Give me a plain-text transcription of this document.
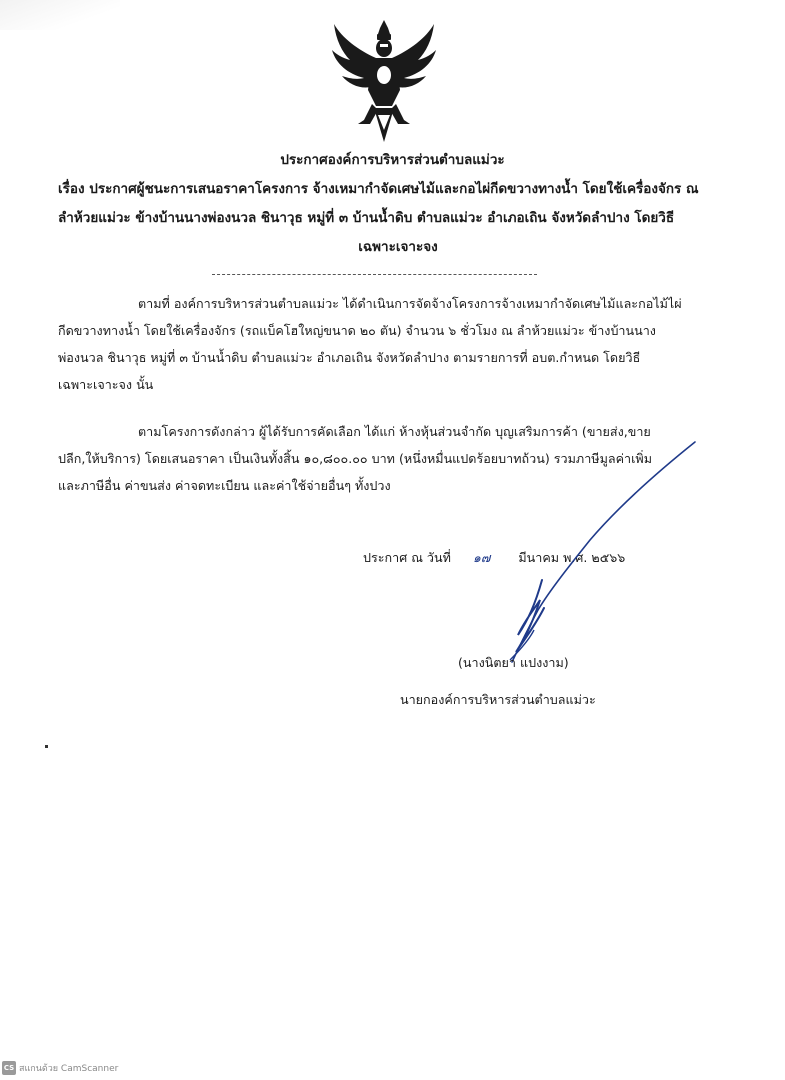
ประกาศองค์การบริหารส่วนตำบลแม่วะ
เรื่อง ประกาศผู้ชนะการเสนอราคาโครงการ จ้างเหมากำจัดเศษไม้และกอไผ่กีดขวางทางน้ำ โดยใช้เครื่องจักร ณ
ลำห้วยแม่วะ ข้างบ้านนางพ่องนวล ชินาวุธ หมู่ที่ ๓ บ้านน้ำดิบ ตำบลแม่วะ อำเภอเถิน จังหวัดลำปาง โดยวิธี
เฉพาะเจาะจง
ตามที่ องค์การบริหารส่วนตำบลแม่วะ ได้ดำเนินการจัดจ้างโครงการจ้างเหมากำจัดเศษไม้และกอไม้ไผ่
กีดขวางทางน้ำ โดยใช้เครื่องจักร (รถแบ็คโฮใหญ่ขนาด ๒๐ ตัน) จำนวน ๖ ชั่วโมง ณ ลำห้วยแม่วะ ข้างบ้านนาง
พ่องนวล ชินาวุธ หมู่ที่ ๓ บ้านน้ำดิบ ตำบลแม่วะ อำเภอเถิน จังหวัดลำปาง ตามรายการที่ อบต.กำหนด โดยวิธี
เฉพาะเจาะจง นั้น
ตามโครงการดังกล่าว ผู้ได้รับการคัดเลือก ได้แก่ ห้างหุ้นส่วนจำกัด บุญเสริมการค้า (ขายส่ง,ขาย
ปลีก,ให้บริการ) โดยเสนอราคา เป็นเงินทั้งสิ้น ๑๐,๘๐๐.๐๐ บาท (หนึ่งหมื่นแปดร้อยบาทถ้วน) รวมภาษีมูลค่าเพิ่ม
และภาษีอื่น ค่าขนส่ง ค่าจดทะเบียน และค่าใช้จ่ายอื่นๆ ทั้งปวง
ประกาศ ณ วันที่ ๑๗ มีนาคม พ.ศ. ๒๕๖๖
(นางนิตยา แปงงาม)
นายกองค์การบริหารส่วนตำบลแม่วะ
CS สแกนด้วย CamScanner
